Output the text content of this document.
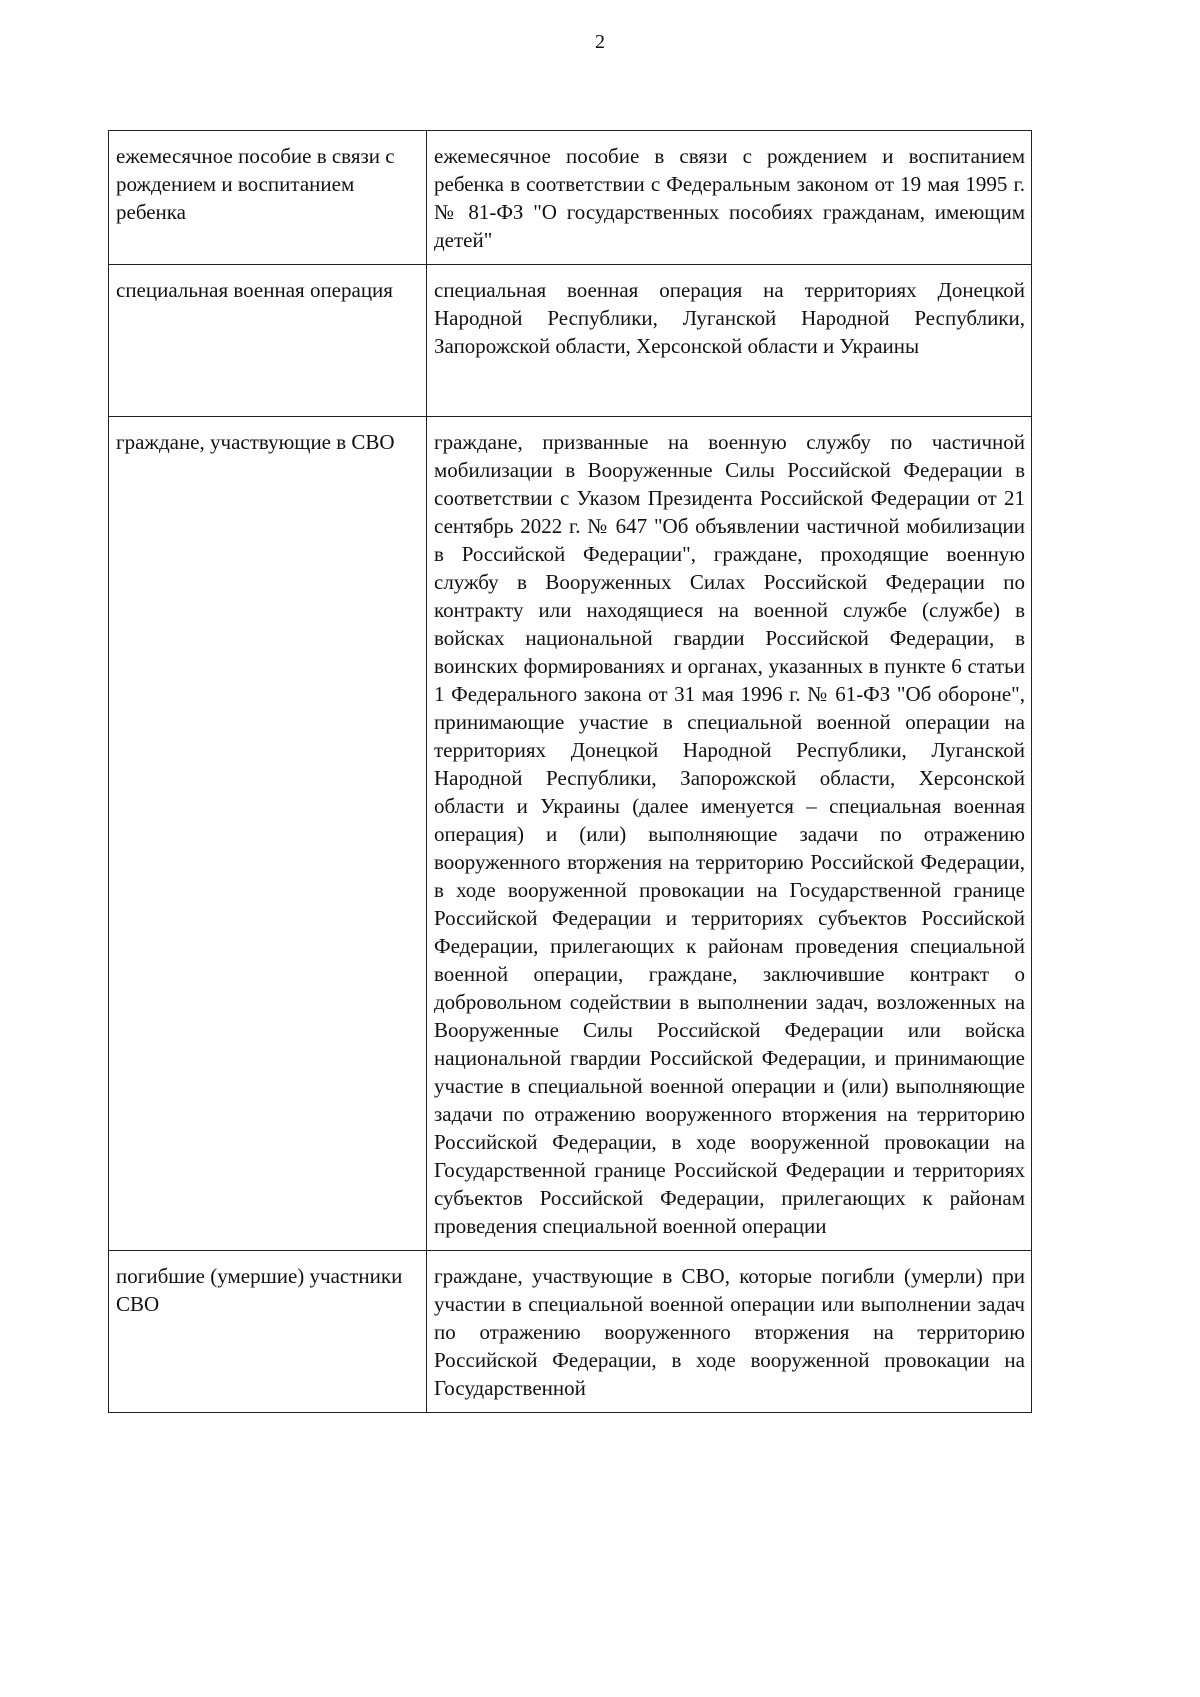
2
ежемесячное пособие в связи с рождением и воспитанием ребенка	ежемесячное пособие в связи с рождением и воспитанием ребенка в соответствии с Федеральным законом от 19 мая 1995 г. № 81-ФЗ "О государственных пособиях гражданам, имеющим детей"
специальная военная операция	специальная военная операция на территориях Донецкой Народной Республики, Луганской Народной Республики, Запорожской области, Херсонской области и Украины
граждане, участвующие в СВО	граждане, призванные на военную службу по частичной мобилизации в Вооруженные Силы Российской Федерации в соответствии с Указом Президента Российской Федерации от 21 сентябрь 2022 г. № 647 "Об объявлении частичной мобилизации в Российской Федерации", граждане, проходящие военную службу в Вооруженных Силах Российской Федерации по контракту или находящиеся на военной службе (службе) в войсках национальной гвардии Российской Федерации, в воинских формированиях и органах, указанных в пункте 6 статьи 1 Федерального закона от 31 мая 1996 г. № 61-ФЗ "Об обороне", принимающие участие в специальной военной операции на территориях Донецкой Народной Республики, Луганской Народной Республики, Запорожской области, Херсонской области и Украины (далее именуется – специальная военная операция) и (или) выполняющие задачи по отражению вооруженного вторжения на территорию Российской Федерации, в ходе вооруженной провокации на Государственной границе Российской Федерации и территориях субъектов Российской Федерации, прилегающих к районам проведения специальной военной операции, граждане, заключившие контракт о добровольном содействии в выполнении задач, возложенных на Вооруженные Силы Российской Федерации или войска национальной гвардии Российской Федерации, и принимающие участие в специальной военной операции и (или) выполняющие задачи по отражению вооруженного вторжения на территорию Российской Федерации, в ходе вооруженной провокации на Государственной границе Российской Федерации и территориях субъектов Российской Федерации, прилегающих к районам проведения специальной военной операции
погибшие (умершие) участники СВО	граждане, участвующие в СВО, которые погибли (умерли) при участии в специальной военной операции или выполнении задач по отражению вооруженного вторжения на территорию Российской Федерации, в ходе вооруженной провокации на Государственной
